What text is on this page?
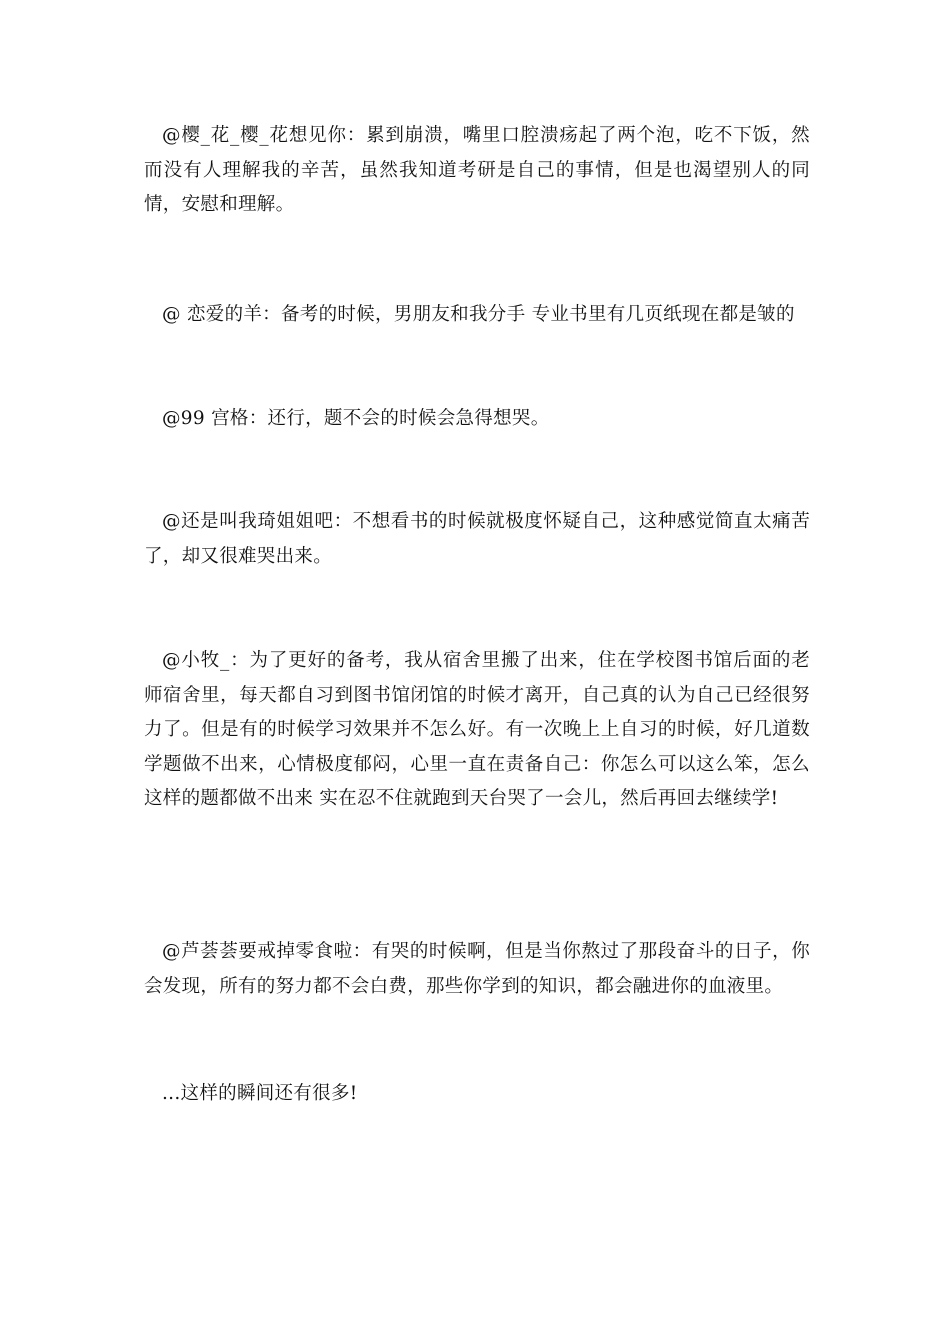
@樱_花_樱_花想见你：累到崩溃，嘴里口腔溃疡起了两个泡，吃不下饭，然而没有人理解我的辛苦，虽然我知道考研是自己的事情，但是也渴望别人的同情，安慰和理解。

@ 恋爱的羊：备考的时候，男朋友和我分手 专业书里有几页纸现在都是皱的

@99 宫格：还行，题不会的时候会急得想哭。

@还是叫我琦姐姐吧：不想看书的时候就极度怀疑自己，这种感觉简直太痛苦了，却又很难哭出来。

@小牧_：为了更好的备考，我从宿舍里搬了出来，住在学校图书馆后面的老师宿舍里，每天都自习到图书馆闭馆的时候才离开，自己真的认为自己已经很努力了。但是有的时候学习效果并不怎么好。有一次晚上上自习的时候，好几道数学题做不出来，心情极度郁闷，心里一直在责备自己：你怎么可以这么笨，怎么这样的题都做不出来 实在忍不住就跑到天台哭了一会儿，然后再回去继续学!

@芦荟荟要戒掉零食啦：有哭的时候啊，但是当你熬过了那段奋斗的日子，你会发现，所有的努力都不会白费，那些你学到的知识，都会融进你的血液里。

...这样的瞬间还有很多!
